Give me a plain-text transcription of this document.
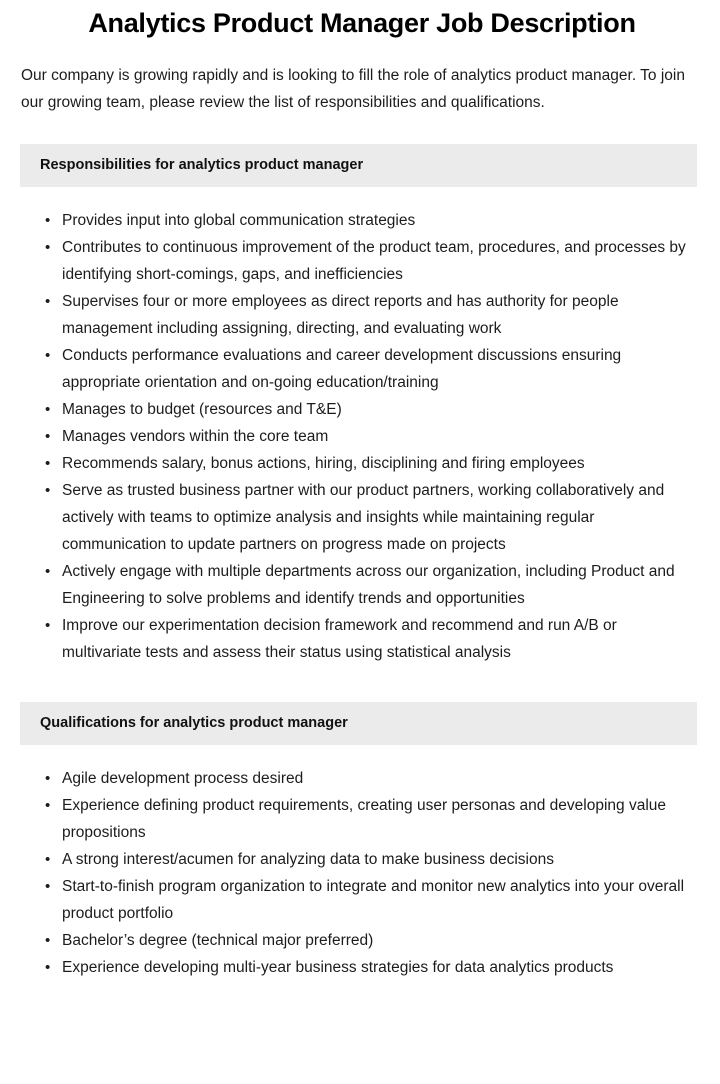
Analytics Product Manager Job Description

Our company is growing rapidly and is looking to fill the role of analytics product manager. To join our growing team, please review the list of responsibilities and qualifications.

Responsibilities for analytics product manager
• Provides input into global communication strategies
• Contributes to continuous improvement of the product team, procedures, and processes by identifying short-comings, gaps, and inefficiencies
• Supervises four or more employees as direct reports and has authority for people management including assigning, directing, and evaluating work
• Conducts performance evaluations and career development discussions ensuring appropriate orientation and on-going education/training
• Manages to budget (resources and T&E)
• Manages vendors within the core team
• Recommends salary, bonus actions, hiring, disciplining and firing employees
• Serve as trusted business partner with our product partners, working collaboratively and actively with teams to optimize analysis and insights while maintaining regular communication to update partners on progress made on projects
• Actively engage with multiple departments across our organization, including Product and Engineering to solve problems and identify trends and opportunities
• Improve our experimentation decision framework and recommend and run A/B or multivariate tests and assess their status using statistical analysis
Qualifications for analytics product manager
• Agile development process desired
• Experience defining product requirements, creating user personas and developing value propositions
• A strong interest/acumen for analyzing data to make business decisions
• Start-to-finish program organization to integrate and monitor new analytics into your overall product portfolio
• Bachelor’s degree (technical major preferred)
• Experience developing multi-year business strategies for data analytics products
